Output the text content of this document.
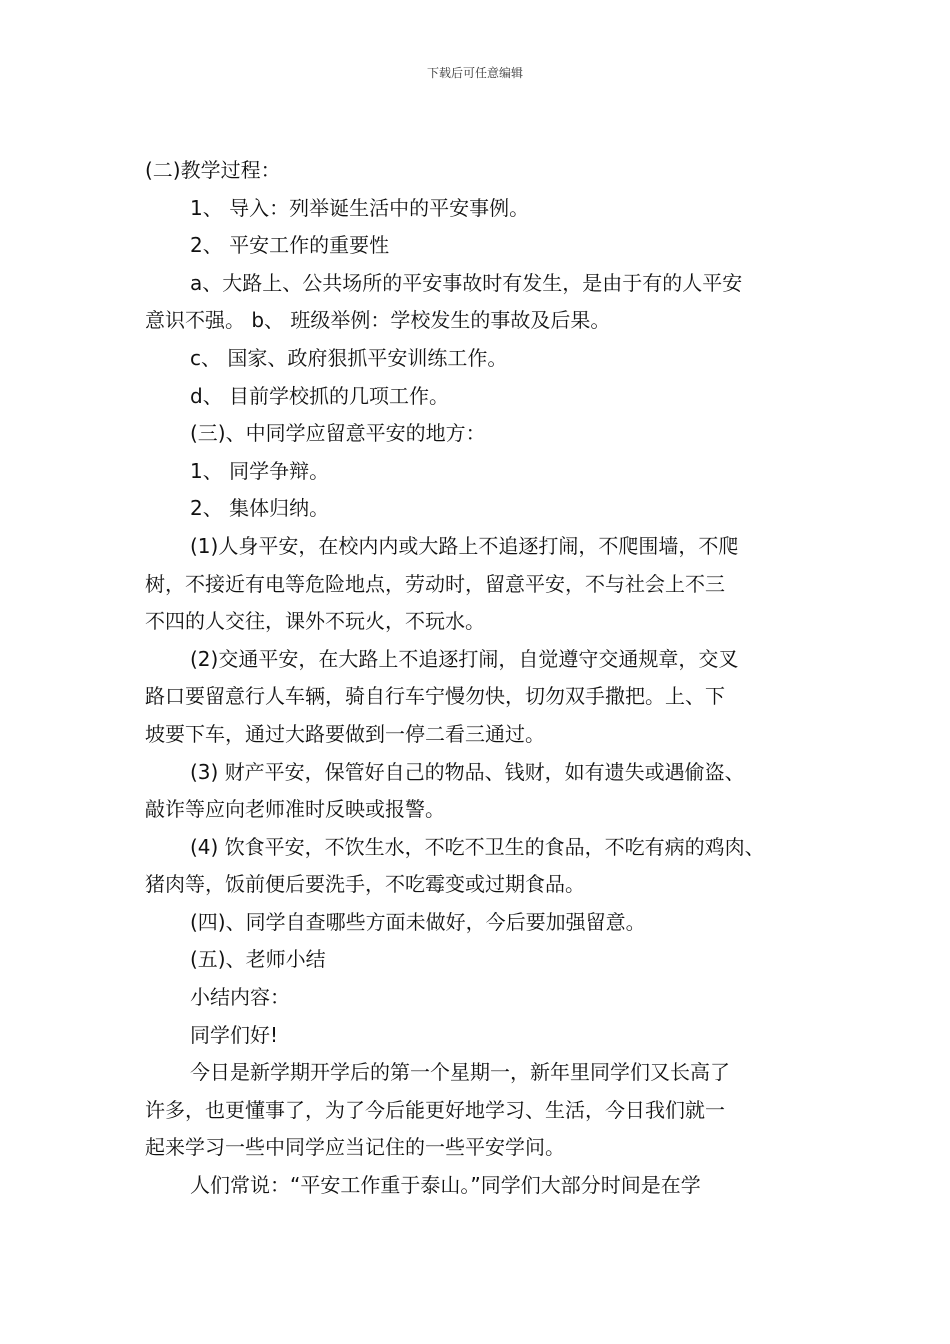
下载后可任意编辑

(二)教学过程：

1、 导入：列举诞生活中的平安事例。

2、 平安工作的重要性

a、大路上、公共场所的平安事故时有发生，是由于有的人平安
意识不强。 b、 班级举例：学校发生的事故及后果。

c、 国家、政府狠抓平安训练工作。

d、 目前学校抓的几项工作。

(三)、中同学应留意平安的地方：

1、 同学争辩。

2、 集体归纳。

(1)人身平安，在校内内或大路上不追逐打闹，不爬围墙，不爬
树，不接近有电等危险地点，劳动时，留意平安，不与社会上不三
不四的人交往，课外不玩火，不玩水。

(2)交通平安，在大路上不追逐打闹，自觉遵守交通规章，交叉
路口要留意行人车辆，骑自行车宁慢勿快，切勿双手撒把。上、下
坡要下车，通过大路要做到一停二看三通过。

(3) 财产平安，保管好自己的物品、钱财，如有遗失或遇偷盗、
敲诈等应向老师准时反映或报警。

(4) 饮食平安，不饮生水，不吃不卫生的食品，不吃有病的鸡肉、
猪肉等，饭前便后要洗手，不吃霉变或过期食品。

(四)、同学自查哪些方面未做好，今后要加强留意。

(五)、老师小结

小结内容：

同学们好!

今日是新学期开学后的第一个星期一，新年里同学们又长高了
许多，也更懂事了，为了今后能更好地学习、生活，今日我们就一
起来学习一些中同学应当记住的一些平安学问。

人们常说：“平安工作重于泰山。”同学们大部分时间是在学
